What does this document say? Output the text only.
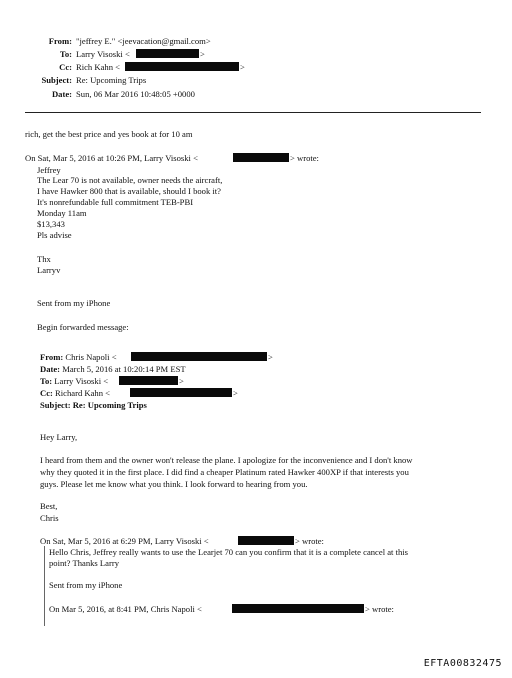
From: "jeffrey E." <jeevacation@gmail.com>
To: Larry Visoski <	>
Cc: Rich Kahn <	>
Subject: Re: Upcoming Trips
Date: Sun, 06 Mar 2016 10:48:05 +0000
rich, get the best price and yes book at for 10 am
On Sat, Mar 5, 2016 at 10:26 PM, Larry Visoski <	> wrote:
Jeffrey
The Lear 70 is not available, owner needs the aircraft,
I have Hawker 800 that is available, should I book it?
It's nonrefundable full commitment TEB-PBI
Monday 11am
$13,343
Pls advise
Thx
Larryv
Sent from my iPhone
Begin forwarded message:
From: Chris Napoli <	>
Date: March 5, 2016 at 10:20:14 PM EST
To: Larry Visoski <	>
Cc: Richard Kahn <	>
Subject: Re: Upcoming Trips
Hey Larry,
I heard from them and the owner won't release the plane. I apologize for the inconvenience and I don't know
why they quoted it in the first place. I did find a cheaper Platinum rated Hawker 400XP if that interests you
guys. Please let me know what you think. I look forward to hearing from you.
Best,
Chris
On Sat, Mar 5, 2016 at 6:29 PM, Larry Visoski <	> wrote:
Hello Chris, Jeffrey really wants to use the Learjet 70 can you confirm that it is a complete cancel at this
point? Thanks Larry
Sent from my iPhone
On Mar 5, 2016, at 8:41 PM, Chris Napoli <	> wrote:
EFTA00832475
